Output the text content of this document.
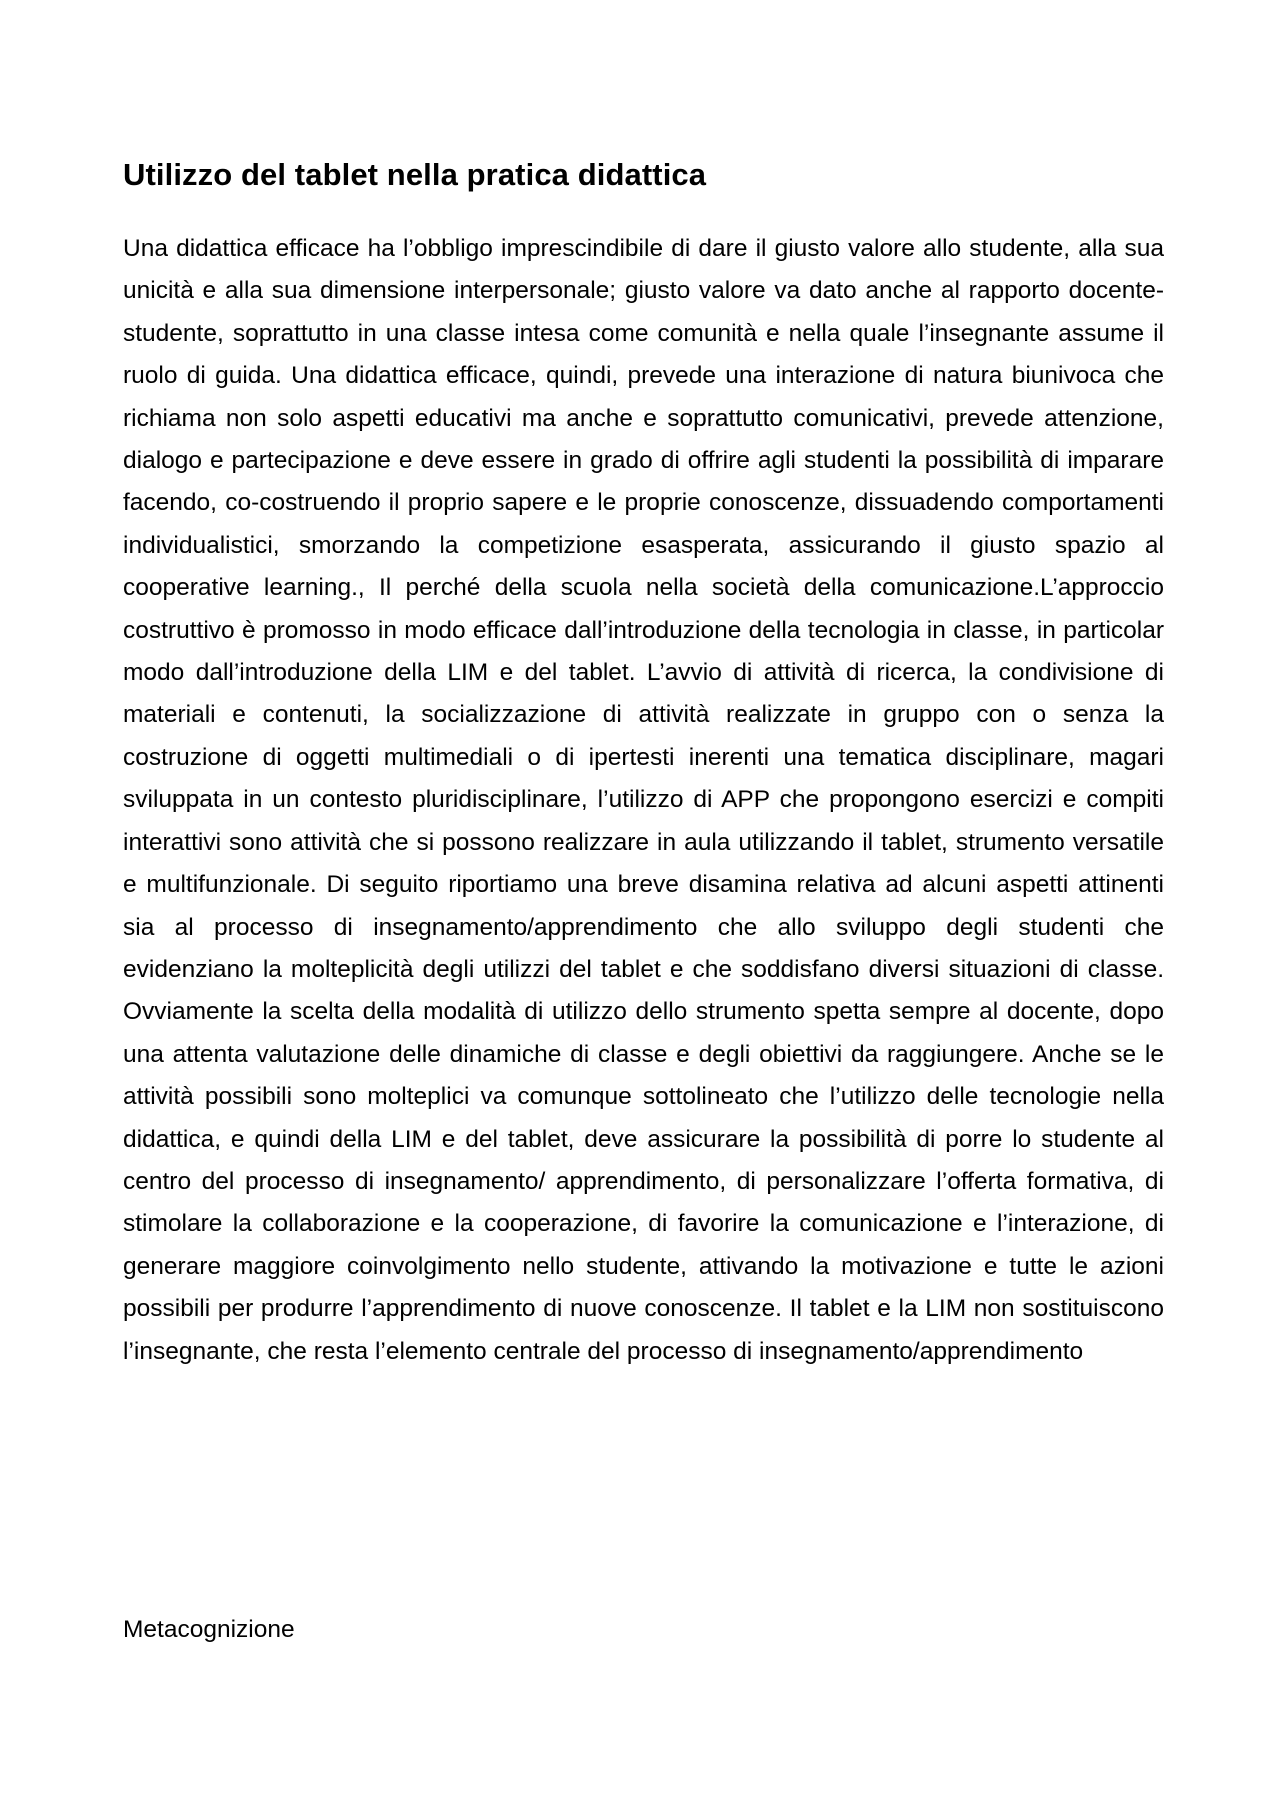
Utilizzo del tablet nella pratica didattica

Una didattica efficace ha l’obbligo imprescindibile di dare il giusto valore allo studente, alla sua unicità e alla sua dimensione interpersonale; giusto valore va dato anche al rapporto docente-studente, soprattutto in una classe intesa come comunità e nella quale l’insegnante assume il ruolo di guida. Una didattica efficace, quindi, prevede una interazione di natura biunivoca che richiama non solo aspetti educativi ma anche e soprattutto comunicativi, prevede attenzione, dialogo e partecipazione e deve essere in grado di offrire agli studenti la possibilità di imparare facendo, co-costruendo il proprio sapere e le proprie conoscenze, dissuadendo comportamenti individualistici, smorzando la competizione esasperata, assicurando il giusto spazio al cooperative learning., Il perché della scuola nella società della comunicazione.L’approccio costruttivo è promosso in modo efficace dall’introduzione della tecnologia in classe, in particolar modo dall’introduzione della LIM e del tablet. L’avvio di attività di ricerca, la condivisione di materiali e contenuti, la socializzazione di attività realizzate in gruppo con o senza la costruzione di oggetti multimediali o di ipertesti inerenti una tematica disciplinare, magari sviluppata in un contesto pluridisciplinare, l’utilizzo di APP che propongono esercizi e compiti interattivi sono attività che si possono realizzare in aula utilizzando il tablet, strumento versatile e multifunzionale. Di seguito riportiamo una breve disamina relativa ad alcuni aspetti attinenti sia al processo di insegnamento/apprendimento che allo sviluppo degli studenti che evidenziano la molteplicità degli utilizzi del tablet e che soddisfano diversi situazioni di classe. Ovviamente la scelta della modalità di utilizzo dello strumento spetta sempre al docente, dopo una attenta valutazione delle dinamiche di classe e degli obiettivi da raggiungere. Anche se le attività possibili sono molteplici va comunque sottolineato che l’utilizzo delle tecnologie nella didattica, e quindi della LIM e del tablet, deve assicurare la possibilità di porre lo studente al centro del processo di insegnamento/ apprendimento, di personalizzare l’offerta formativa, di stimolare la collaborazione e la cooperazione, di favorire la comunicazione e l’interazione, di generare maggiore coinvolgimento nello studente, attivando la motivazione e tutte le azioni possibili per produrre l’apprendimento di nuove conoscenze. Il tablet e la LIM non sostituiscono l’insegnante, che resta l’elemento centrale del processo di insegnamento/apprendimento

Metacognizione
